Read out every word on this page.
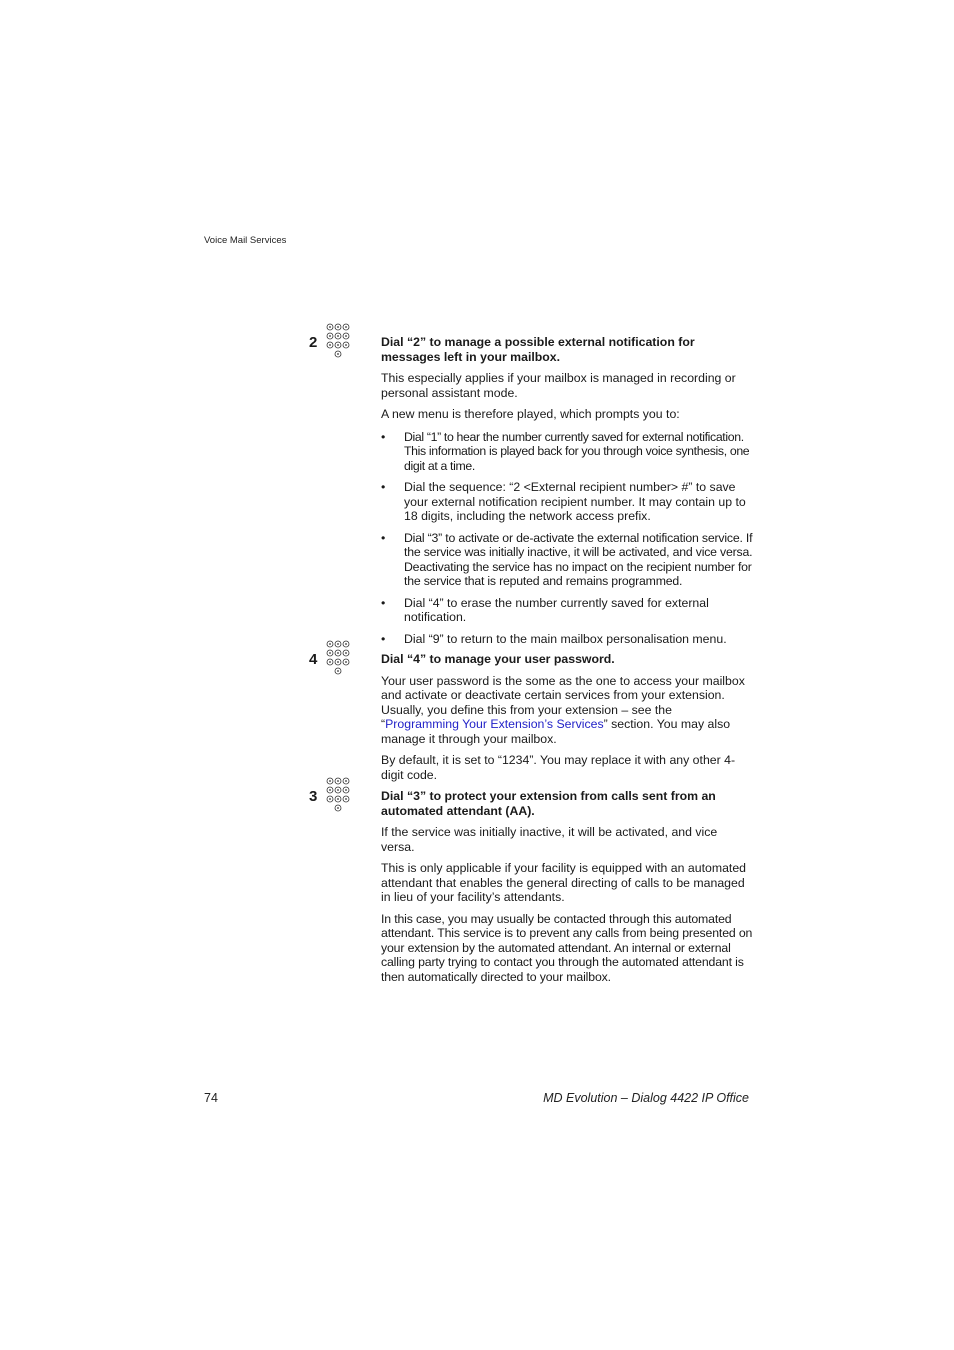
Voice Mail Services
2	Dial “2” to manage a possible external notification for messages left in your mailbox.

This especially applies if your mailbox is managed in recording or personal assistant mode.

A new menu is therefore played, which prompts you to:

• Dial “1” to hear the number currently saved for external notification. This information is played back for you through voice synthesis, one digit at a time.
• Dial the sequence: “2 <External recipient number> #” to save your external notification recipient number. It may contain up to 18 digits, including the network access prefix.
• Dial “3” to activate or de-activate the external notification service. If the service was initially inactive, it will be activated, and vice versa. Deactivating the service has no impact on the recipient number for the service that is reputed and remains programmed.
• Dial “4” to erase the number currently saved for external notification.
• Dial “9” to return to the main mailbox personalisation menu.
4	Dial “4” to manage your user password.

Your user password is the some as the one to access your mailbox and activate or deactivate certain services from your extension. Usually, you define this from your extension – see the “Programming Your Extension’s Services” section. You may also manage it through your mailbox.

By default, it is set to “1234”. You may replace it with any other 4-digit code.

3	Dial “3” to protect your extension from calls sent from an automated attendant (AA).

If the service was initially inactive, it will be activated, and vice versa.

This is only applicable if your facility is equipped with an automated attendant that enables the general directing of calls to be managed in lieu of your facility’s attendants.

In this case, you may usually be contacted through this automated attendant. This service is to prevent any calls from being presented on your extension by the automated attendant. An internal or external calling party trying to contact you through the automated attendant is then automatically directed to your mailbox.

74	MD Evolution – Dialog 4422 IP Office
